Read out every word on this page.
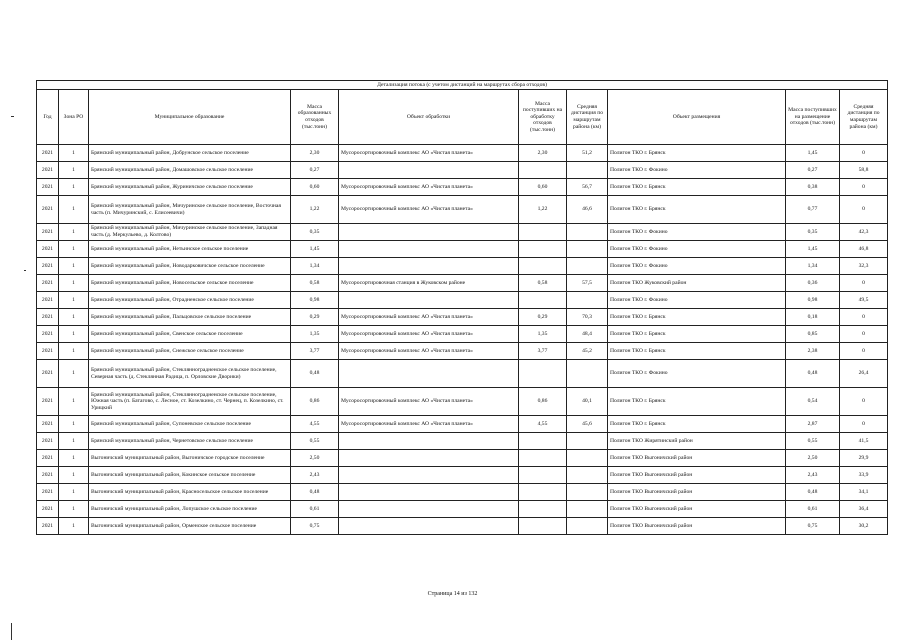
Детализация потока (с учетом дистанций на маршрутах сбора отходов)									
Год	Зона РО	Муниципальное образование	Масса образованных отходов (тыс.тонн)	Объект обработки	Масса поступивших на обработку отходов (тыс.тонн)	Средняя дистанция по маршрутам района (км)	Объект размещения	Масса поступивших на размещение отходов (тыс.тонн)	Средняя дистанция по маршрутам района (км)
2021	1	Брянский муниципальный район, Добрунское сельское поселение	2,30	Мусоросортировочный комплекс АО «Чистая планета»	2,30	51,2	Полигон ТКО г. Брянск	1,45	0
2021	1	Брянский муниципальный район, Домашовское сельское поселение	0,27				Полигон ТКО г. Фокино	0,27	58,8
2021	1	Брянский муниципальный район, Журиничское сельское поселение	0,60	Мусоросортировочный комплекс АО «Чистая планета»	0,60	56,7	Полигон ТКО г. Брянск	0,38	0
2021	1	Брянский муниципальный район, Мичуринское сельское поселение, Восточная часть (п. Мичуринский, с. Елисеевичи)	1,22	Мусоросортировочный комплекс АО «Чистая планета»	1,22	46,6	Полигон ТКО г. Брянск	0,77	0
2021	1	Брянский муниципальный район, Мичуринское сельское поселение, Западная часть (д. Меркульево, д. Колтово)	0,35				Полигон ТКО г. Фокино	0,35	42,3
2021	1	Брянский муниципальный район, Нетьинское сельское поселение	1,45				Полигон ТКО г. Фокино	1,45	46,8
2021	1	Брянский муниципальный район, Новодарковичское сельское поселение	1,34				Полигон ТКО г. Фокино	1,34	32,3
2021	1	Брянский муниципальный район, Новосельское сельское поселение	0,58	Мусоросортировочная станция в Жуковском районе	0,58	57,5	Полигон ТКО Жуковский район	0,36	0
2021	1	Брянский муниципальный район, Отрадненское сельское поселение	0,98				Полигон ТКО г. Фокино	0,98	49,5
2021	1	Брянский муниципальный район, Пальцовское сельское поселение	0,29	Мусоросортировочный комплекс АО «Чистая планета»	0,29	70,3	Полигон ТКО г. Брянск	0,18	0
2021	1	Брянский муниципальный район, Свенское сельское поселение	1,35	Мусоросортировочный комплекс АО «Чистая планета»	1,35	48,4	Полигон ТКО г. Брянск	0,85	0
2021	1	Брянский муниципальный район, Снежское сельское поселение	3,77	Мусоросортировочный комплекс АО «Чистая планета»	3,77	45,2	Полигон ТКО г. Брянск	2,38	0
2021	1	Брянский муниципальный район, Стеклянноградненское сельское поселение, Северная часть (д. Стеклянная Радица, п. Орловские Дворики)	0,48				Полигон ТКО г. Фокино	0,48	26,4
2021	1	Брянский муниципальный район, Стеклянноградненское сельское поселение, Южная часть (п. Батагово, с. Лесное, ст. Козелкино, ст. Чернец, п. Козелкино, ст. Урицкий	0,86	Мусоросортировочный комплекс АО «Чистая планета»	0,86	40,1	Полигон ТКО г. Брянск	0,54	0
2021	1	Брянский муниципальный район, Супоневское сельское поселение	4,55	Мусоросортировочный комплекс АО «Чистая планета»	4,55	45,6	Полигон ТКО г. Брянск	2,87	0
2021	1	Брянский муниципальный район, Чернетовское сельское поселение	0,55				Полигон ТКО Жирятинский район	0,55	41,5
2021	1	Выгоничский муниципальный район, Выгоничское городское поселение	2,50				Полигон ТКО Выгоничский район	2,50	29,9
2021	1	Выгоничский муниципальный район, Кокинское сельское поселение	2,43				Полигон ТКО Выгоничский район	2,43	33,9
2021	1	Выгоничский муниципальный район, Красносельское сельское поселение	0,48				Полигон ТКО Выгоничский район	0,48	34,1
2021	1	Выгоничский муниципальный район, Лопушское сельское поселение	0,61				Полигон ТКО Выгоничский район	0,61	36,4
2021	1	Выгоничский муниципальный район, Орменское сельское поселение	0,75				Полигон ТКО Выгоничский район	0,75	30,2
Страница 14 из 132
